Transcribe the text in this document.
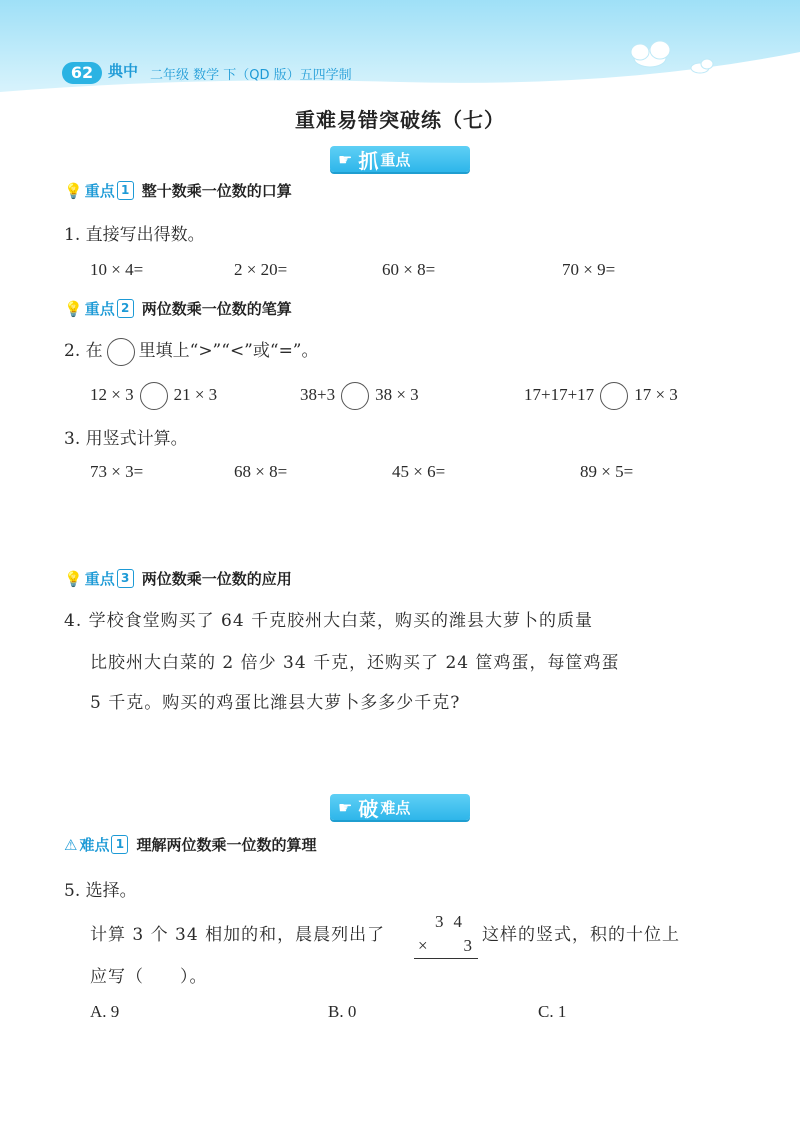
62 典中 二年级 数学 下（QD 版）五四学制
重难易错突破练（七）
☛ 抓 重点
💡 重点 1 整十数乘一位数的口算
1. 直接写出得数。
10 × 4=	2 × 20=	60 × 8=	70 × 9=
💡 重点 2 两位数乘一位数的笔算
2. 在 里填上“>”“<”或“=”。
12 × 3 21 × 3	38+3 38 × 3	17+17+17 17 × 3
3. 用竖式计算。
73 × 3=	68 × 8=	45 × 6=	89 × 5=
💡 重点 3 两位数乘一位数的应用
4. 学校食堂购买了 64 千克胶州大白菜，购买的潍县大萝卜的质量
比胶州大白菜的 2 倍少 34 千克，还购买了 24 筐鸡蛋，每筐鸡蛋
5 千克。购买的鸡蛋比潍县大萝卜多多少千克?
☛ 破 难点
⚠ 难点 1 理解两位数乘一位数的算理
5. 选择。
计算 3 个 34 相加的和，晨晨列出了
34
× 3
这样的竖式，积的十位上
应写（　　）。
A. 9	B. 0	C. 1
